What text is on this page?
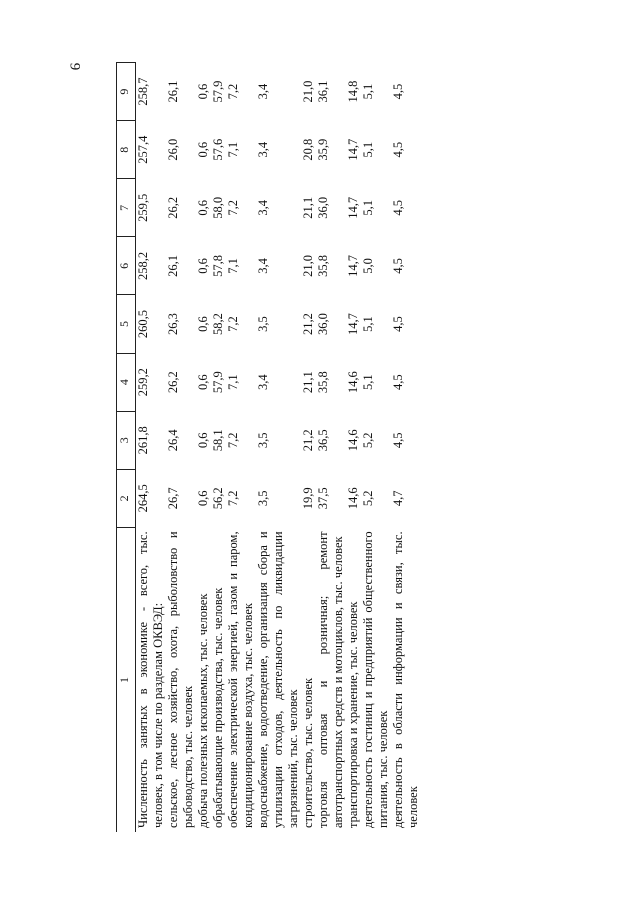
9
1	2	3	4	5	6	7	8	9
Численность занятых в экономике - всего, тыс. человек, в том числе по разделам ОКВЭД:	264,5	261,8	259,2	260,5	258,2	259,5	257,4	258,7
сельское, лесное хозяйство, охота, рыболовство и рыбоводство, тыс. человек	26,7	26,4	26,2	26,3	26,1	26,2	26,0	26,1
добыча полезных ископаемых, тыс. человек	0,6	0,6	0,6	0,6	0,6	0,6	0,6	0,6
обрабатывающие производства, тыс. человек	56,2	58,1	57,9	58,2	57,8	58,0	57,6	57,9
обеспечение электрической энергией, газом и паром, кондиционирование воздуха, тыс. человек	7,2	7,2	7,1	7,2	7,1	7,2	7,1	7,2
водоснабжение, водоотведение, организация сбора и утилизации отходов, деятельность по ликвидации загрязнений, тыс. человек	3,5	3,5	3,4	3,5	3,4	3,4	3,4	3,4
строительство, тыс. человек	19,9	21,2	21,1	21,2	21,0	21,1	20,8	21,0
торговля оптовая и розничная; ремонт автотранспортных средств и мотоциклов, тыс. человек	37,5	36,5	35,8	36,0	35,8	36,0	35,9	36,1
транспортировка и хранение, тыс. человек	14,6	14,6	14,6	14,7	14,7	14,7	14,7	14,8
деятельность гостиниц и предприятий общественного питания, тыс. человек	5,2	5,2	5,1	5,1	5,0	5,1	5,1	5,1
деятельность в области информации и связи, тыс. человек	4,7	4,5	4,5	4,5	4,5	4,5	4,5	4,5
